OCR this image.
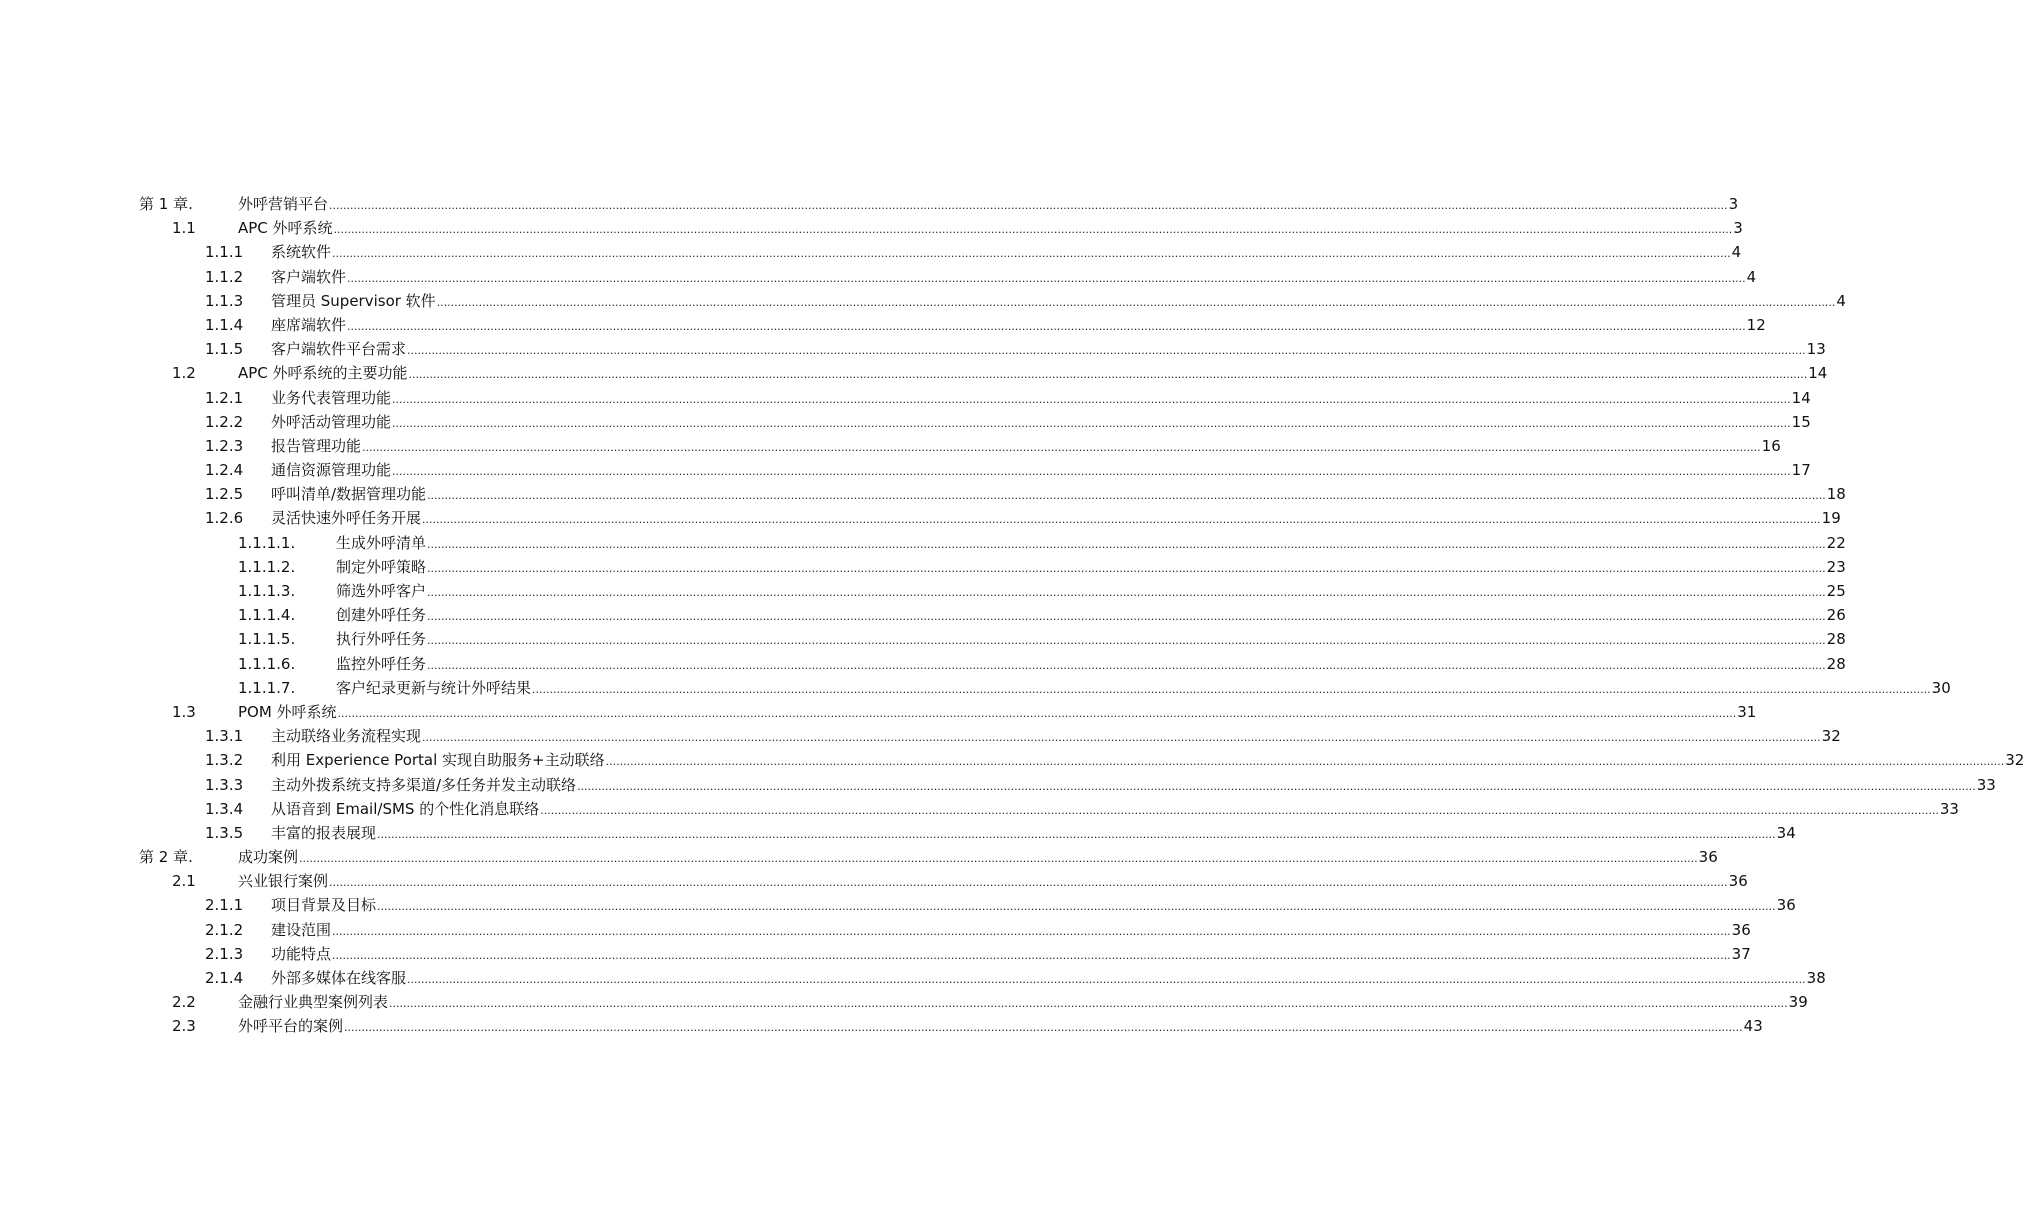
第 1 章.	外呼营销平台 ................................................................................................................................................................................................................................................................................................................................................................................................................ 3
1.1	APC 外呼系统 ................................................................................................................................................................................................................................................................................................................................................................................................................ 3
1.1.1 系统软件 ................................................................................................................................................................................................................................................................................................................................................................................................................ 4
1.1.2 客户端软件 ................................................................................................................................................................................................................................................................................................................................................................................................................ 4
1.1.3 管理员 Supervisor 软件 ................................................................................................................................................................................................................................................................................................................................................................................................................ 4
1.1.4 座席端软件 ................................................................................................................................................................................................................................................................................................................................................................................................................ 12
1.1.5 客户端软件平台需求 ................................................................................................................................................................................................................................................................................................................................................................................................................ 13
1.2	APC 外呼系统的主要功能 ................................................................................................................................................................................................................................................................................................................................................................................................................ 14
1.2.1 业务代表管理功能 ................................................................................................................................................................................................................................................................................................................................................................................................................ 14
1.2.2 外呼活动管理功能 ................................................................................................................................................................................................................................................................................................................................................................................................................ 15
1.2.3 报告管理功能 ................................................................................................................................................................................................................................................................................................................................................................................................................ 16
1.2.4 通信资源管理功能 ................................................................................................................................................................................................................................................................................................................................................................................................................ 17
1.2.5 呼叫清单/数据管理功能 ................................................................................................................................................................................................................................................................................................................................................................................................................ 18
1.2.6 灵活快速外呼任务开展 ................................................................................................................................................................................................................................................................................................................................................................................................................ 19
1.1.1.1.	生成外呼清单 ................................................................................................................................................................................................................................................................................................................................................................................................................ 22
1.1.1.2.	制定外呼策略 ................................................................................................................................................................................................................................................................................................................................................................................................................ 23
1.1.1.3.	筛选外呼客户 ................................................................................................................................................................................................................................................................................................................................................................................................................ 25
1.1.1.4.	创建外呼任务 ................................................................................................................................................................................................................................................................................................................................................................................................................ 26
1.1.1.5.	执行外呼任务 ................................................................................................................................................................................................................................................................................................................................................................................................................ 28
1.1.1.6.	监控外呼任务 ................................................................................................................................................................................................................................................................................................................................................................................................................ 28
1.1.1.7.	客户纪录更新与统计外呼结果 ................................................................................................................................................................................................................................................................................................................................................................................................................ 30
1.3	POM 外呼系统 ................................................................................................................................................................................................................................................................................................................................................................................................................ 31
1.3.1 主动联络业务流程实现 ................................................................................................................................................................................................................................................................................................................................................................................................................ 32
1.3.2 利用 Experience Portal 实现自助服务+主动联络 ................................................................................................................................................................................................................................................................................................................................................................................................................ 32
1.3.3 主动外拨系统支持多渠道/多任务并发主动联络 ................................................................................................................................................................................................................................................................................................................................................................................................................ 33
1.3.4 从语音到 Email/SMS 的个性化消息联络 ................................................................................................................................................................................................................................................................................................................................................................................................................ 33
1.3.5 丰富的报表展现 ................................................................................................................................................................................................................................................................................................................................................................................................................ 34
第 2 章.	成功案例 ................................................................................................................................................................................................................................................................................................................................................................................................................ 36
2.1	兴业银行案例 ................................................................................................................................................................................................................................................................................................................................................................................................................ 36
2.1.1 项目背景及目标 ................................................................................................................................................................................................................................................................................................................................................................................................................ 36
2.1.2 建设范围 ................................................................................................................................................................................................................................................................................................................................................................................................................ 36
2.1.3 功能特点 ................................................................................................................................................................................................................................................................................................................................................................................................................ 37
2.1.4 外部多媒体在线客服 ................................................................................................................................................................................................................................................................................................................................................................................................................ 38
2.2	金融行业典型案例列表 ................................................................................................................................................................................................................................................................................................................................................................................................................ 39
2.3	外呼平台的案例 ................................................................................................................................................................................................................................................................................................................................................................................................................ 43
